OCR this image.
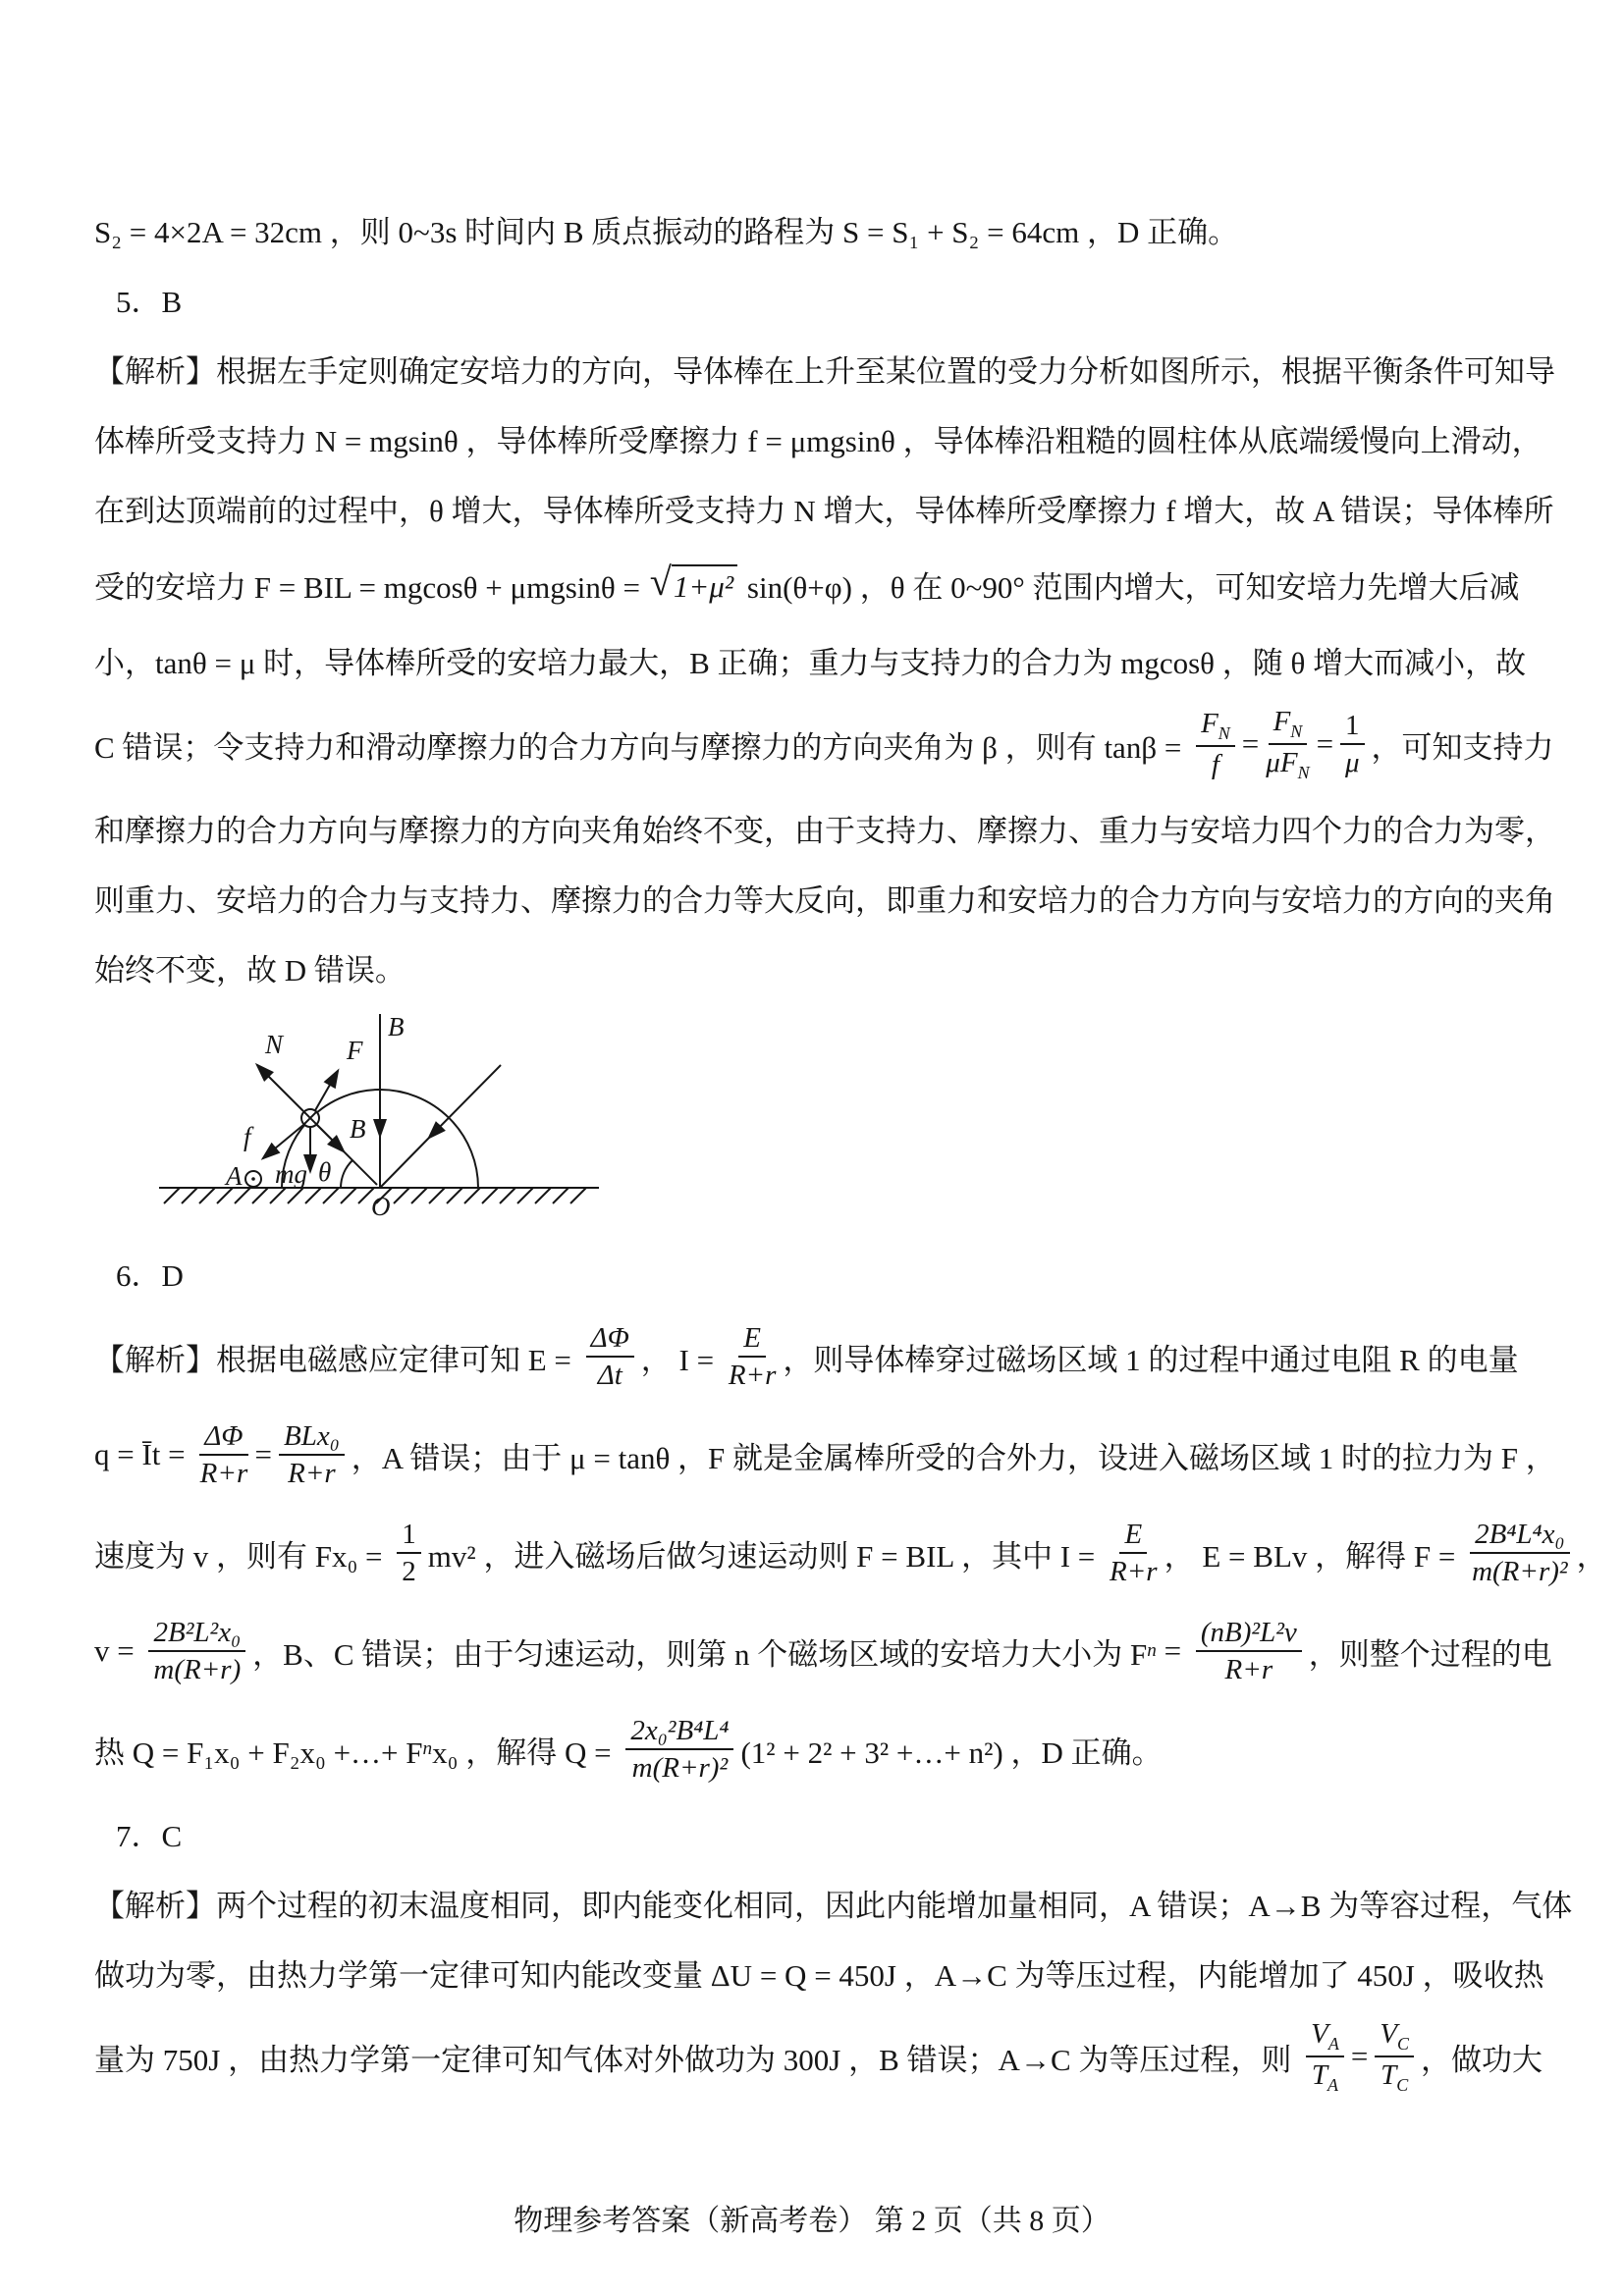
S₂ = 4×2A = 32cm ，则 0~3s 时间内 B 质点振动的路程为 S = S₁ + S₂ = 64cm ，D 正确。
5．B
【解析】根据左手定则确定安培力的方向，导体棒在上升至某位置的受力分析如图所示，根据平衡条件可知导
体棒所受支持力 N = mgsinθ ，导体棒所受摩擦力 f = μmgsinθ ，导体棒沿粗糙的圆柱体从底端缓慢向上滑动，
在到达顶端前的过程中，θ 增大，导体棒所受支持力 N 增大，导体棒所受摩擦力 f 增大，故 A 错误；导体棒所
受的安培力 F = BIL = mgcosθ + μmgsinθ = √ 1+μ² sin(θ+φ) ，θ 在 0~90° 范围内增大，可知安培力先增大后减
小，tanθ = μ 时，导体棒所受的安培力最大，B 正确；重力与支持力的合力为 mgcosθ ，随 θ 增大而减小，故
C 错误；令支持力和滑动摩擦力的合力方向与摩擦力的方向夹角为 β ，则有 $\tan\beta = \frac{F_N}{f} = \frac{F_N}{\mu F_N} = \frac{1}{\mu}$ ，可知支持力
和摩擦力的合力方向与摩擦力的方向夹角始终不变，由于支持力、摩擦力、重力与安培力四个力的合力为零，
则重力、安培力的合力与支持力、摩擦力的合力等大反向，即重力和安培力的合力方向与安培力的方向的夹角
始终不变，故 D 错误。
B
N F
f	B
mg
A	θ
O
6．D
【解析】根据电磁感应定律可知 $E = \frac{\Delta\Phi}{\Delta t}$ ， $I = \frac{E}{R+r}$ ，则导体棒穿过磁场区域 1 的过程中通过电阻 R 的电量
q = Īt = $\frac{\Delta\Phi}{R+r} = \frac{\text{BLx₀}}{R+r}$ ，A 错误；由于 μ = tanθ ，F 就是金属棒所受的合外力，设进入磁场区域 1 时的拉力为 F ，
速度为 v ，则有 $Fx_0 = \frac{1}{2} mv^2$ ，进入磁场后做匀速运动则 F = BIL ，其中 $I = \frac{E}{R+r}$ ， E = BLv ，解得 $F = \frac{\text{2B⁴L⁴x₀}}{\text{m(R+r)²}}$ ，
$v = \frac{\text{2B²L²x₀}}{m(R+r)}$ ，B、C 错误；由于匀速运动，则第 n 个磁场区域的安培力大小为 F $n = \frac{\text{(nB)²L²v}}{R+r}$ ，则整个过程的电
热 Q = F₁x₀ + F₂x₀ +…+ F n x₀ ，解得 $Q = \frac{\text{2x₀²B⁴L⁴}}{\text{m(R+r)²}} (1^2 + 2^2 + 3^2$ +…+ n²) ，D 正确。
7．C
【解析】两个过程的初末温度相同，即内能变化相同，因此内能增加量相同，A 错误；A→B 为等容过程，气体
做功为零，由热力学第一定律可知内能改变量 ΔU = Q = 450J ，A→C 为等压过程，内能增加了 450J ，吸收热
量为 750J ，由热力学第一定律可知气体对外做功为 300J ，B 错误；A→C 为等压过程，则 $\frac{V_A}{T_A} = \frac{V_C}{T_C}$ ，做功大
物理参考答案（新高考卷） 第 2 页（共 8 页）
